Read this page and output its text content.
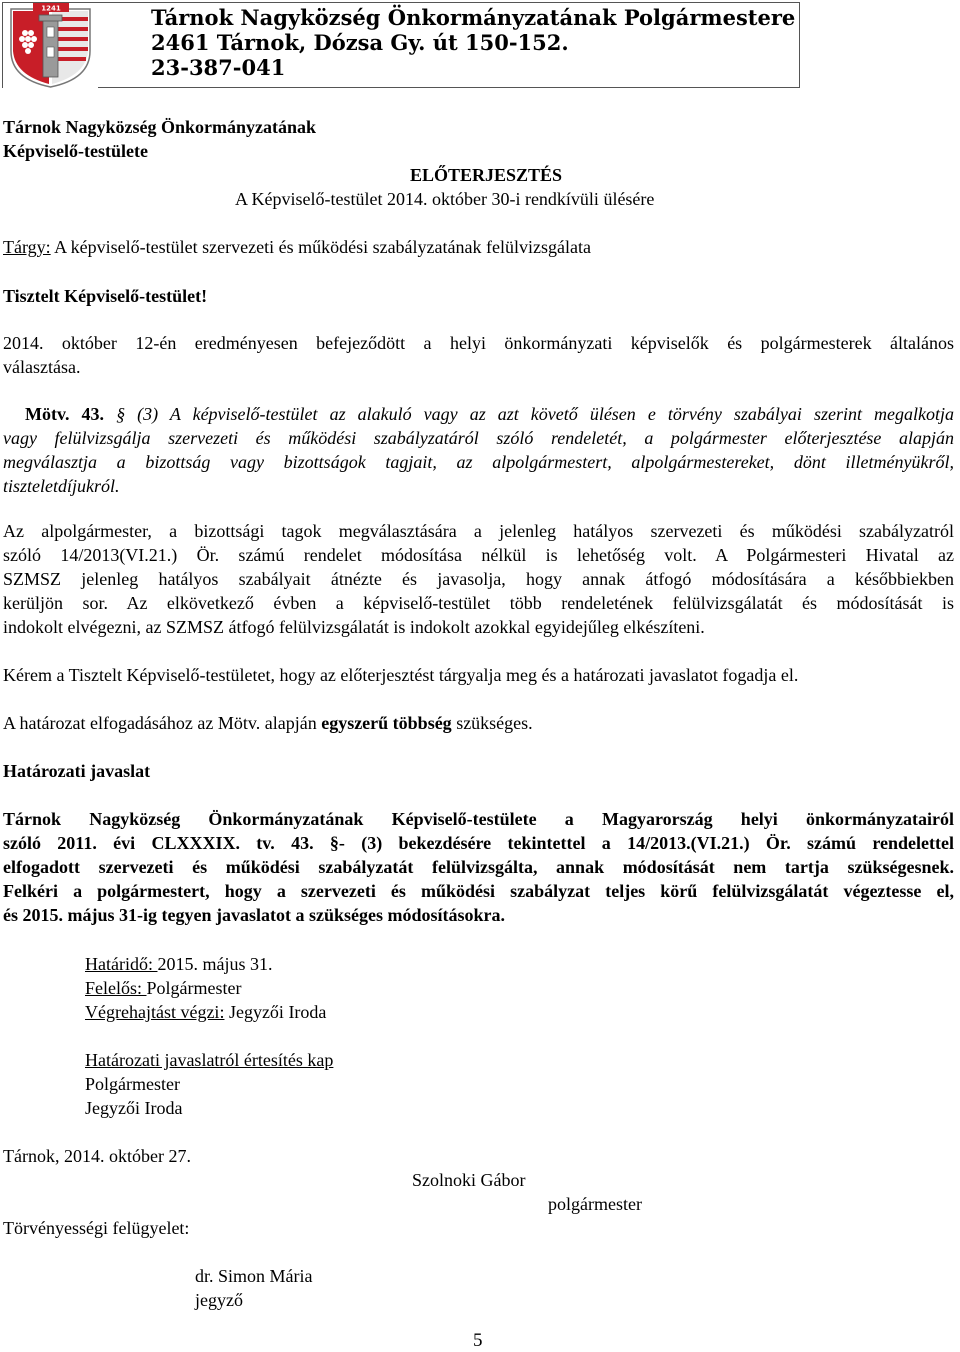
1241	Tárnok Nagyközség Önkormányzatának Polgármestere
2461 Tárnok, Dózsa Gy. út 150-152.
23-387-041
Tárnok Nagyközség Önkormányzatának
Képviselő-testülete
ELŐTERJESZTÉS
A Képviselő-testület 2014. október 30-i rendkívüli ülésére
Tárgy: A képviselő-testület szervezeti és működési szabályzatának felülvizsgálata
Tisztelt Képviselő-testület!
2014. október 12-én eredményesen befejeződött a helyi önkormányzati képviselők és polgármesterek általános
választása.
Mötv. 43. § (3) A képviselő-testület az alakuló vagy az azt követő ülésen e törvény szabályai szerint megalkotja
vagy felülvizsgálja szervezeti és működési szabályzatáról szóló rendeletét, a polgármester előterjesztése alapján
megválasztja a bizottság vagy bizottságok tagjait, az alpolgármestert, alpolgármestereket, dönt illetményükről,
tiszteletdíjukról.
Az alpolgármester, a bizottsági tagok megválasztására a jelenleg hatályos szervezeti és működési szabályzatról
szóló 14/2013(VI.21.) Ör. számú rendelet módosítása nélkül is lehetőség volt. A Polgármesteri Hivatal az
SZMSZ jelenleg hatályos szabályait átnézte és javasolja, hogy annak átfogó módosítására a későbbiekben
kerüljön sor. Az elkövetkező évben a képviselő-testület több rendeletének felülvizsgálatát és módosítását is
indokolt elvégezni, az SZMSZ átfogó felülvizsgálatát is indokolt azokkal egyidejűleg elkészíteni.
Kérem a Tisztelt Képviselő-testületet, hogy az előterjesztést tárgyalja meg és a határozati javaslatot fogadja el.
A határozat elfogadásához az Mötv. alapján egyszerű többség szükséges.
Határozati javaslat
Tárnok Nagyközség Önkormányzatának Képviselő-testülete a Magyarország helyi önkormányzatairól
szóló 2011. évi CLXXXIX. tv. 43. §- (3) bekezdésére tekintettel a 14/2013.(VI.21.) Ör. számú rendelettel
elfogadott szervezeti és működési szabályzatát felülvizsgálta, annak módosítását nem tartja szükségesnek.
Felkéri a polgármestert, hogy a szervezeti és működési szabályzat teljes körű felülvizsgálatát végeztesse el,
és 2015. május 31-ig tegyen javaslatot a szükséges módosításokra.
Határidő: 2015. május 31.
Felelős: Polgármester
Végrehajtást végzi: Jegyzői Iroda
Határozati javaslatról értesítés kap
Polgármester
Jegyzői Iroda
Tárnok, 2014. október 27.
Szolnoki Gábor
polgármester
Törvényességi felügyelet:
dr. Simon Mária
jegyző
5
